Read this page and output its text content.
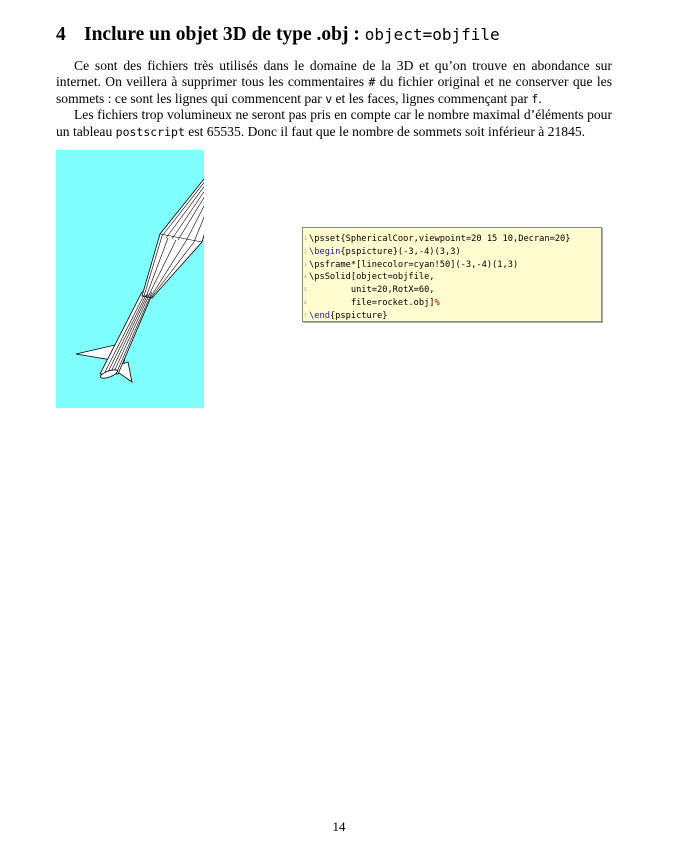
4 Inclure un objet 3D de type .obj : object=objfile

Ce sont des fichiers très utilisés dans le domaine de la 3D et qu’on trouve en abondance sur internet. On veillera à supprimer tous les commentaires # du fichier original et ne conserver que les sommets : ce sont les lignes qui commencent par v et les faces, lignes commençant par f.

Les fichiers trop volumineux ne seront pas pris en compte car le nombre maximal d’éléments pour un tableau postscript est 65535. Donc il faut que le nombre de sommets soit inférieur à 21845.

1 \psset{SphericalCoor,viewpoint=20 15 10,Decran=20}
2 \begin{pspicture}(-3,-4)(3,3)
3 \psframe*[linecolor=cyan!50](-3,-4)(1,3)
4 \psSolid[object=objfile,
5 unit=20,RotX=60,
6 file=rocket.obj]%
7 \end{pspicture}
14
